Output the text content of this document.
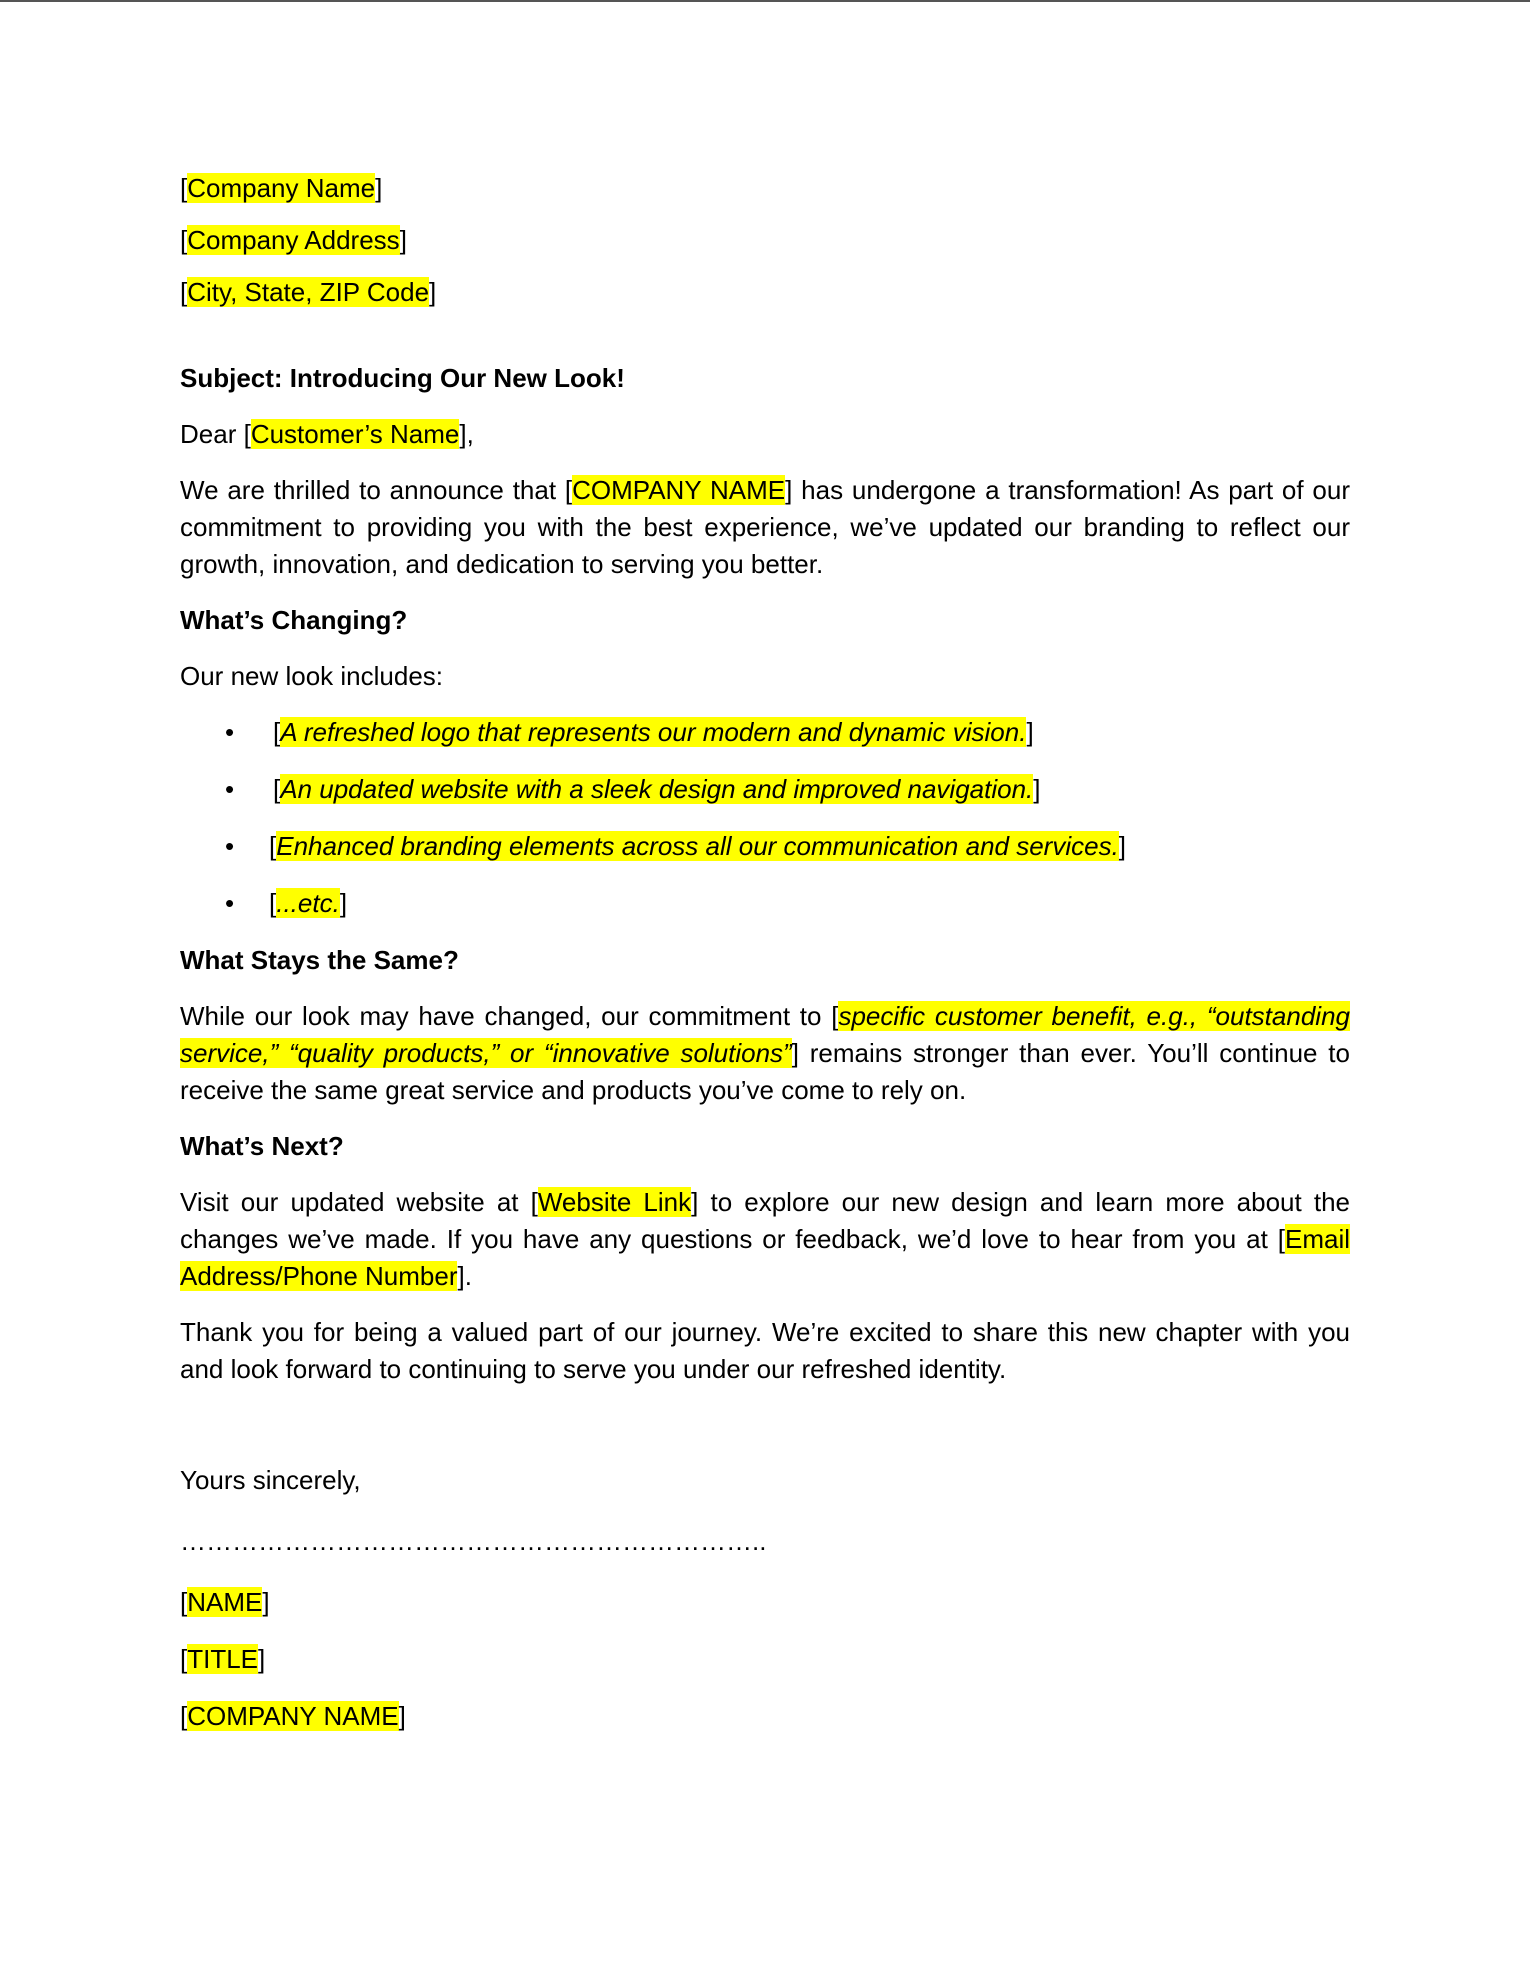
[Company Name]

[Company Address]

[City, State, ZIP Code]

Subject: Introducing Our New Look!

Dear [Customer’s Name],

We are thrilled to announce that [COMPANY NAME] has undergone a transformation! As part of our commitment to providing you with the best experience, we’ve updated our branding to reflect our growth, innovation, and dedication to serving you better.

What’s Changing?

Our new look includes:

• [A refreshed logo that represents our modern and dynamic vision.]
• [An updated website with a sleek design and improved navigation.]
• [Enhanced branding elements across all our communication and services.]
• [...etc.]

What Stays the Same?

While our look may have changed, our commitment to [specific customer benefit, e.g., “outstanding service,” “quality products,” or “innovative solutions”] remains stronger than ever. You’ll continue to receive the same great service and products you’ve come to rely on.

What’s Next?

Visit our updated website at [Website Link] to explore our new design and learn more about the changes we’ve made. If you have any questions or feedback, we’d love to hear from you at [Email Address/Phone Number].

Thank you for being a valued part of our journey. We’re excited to share this new chapter with you and look forward to continuing to serve you under our refreshed identity.

Yours sincerely,

…………………………………………………………..

[NAME]

[TITLE]

[COMPANY NAME]
